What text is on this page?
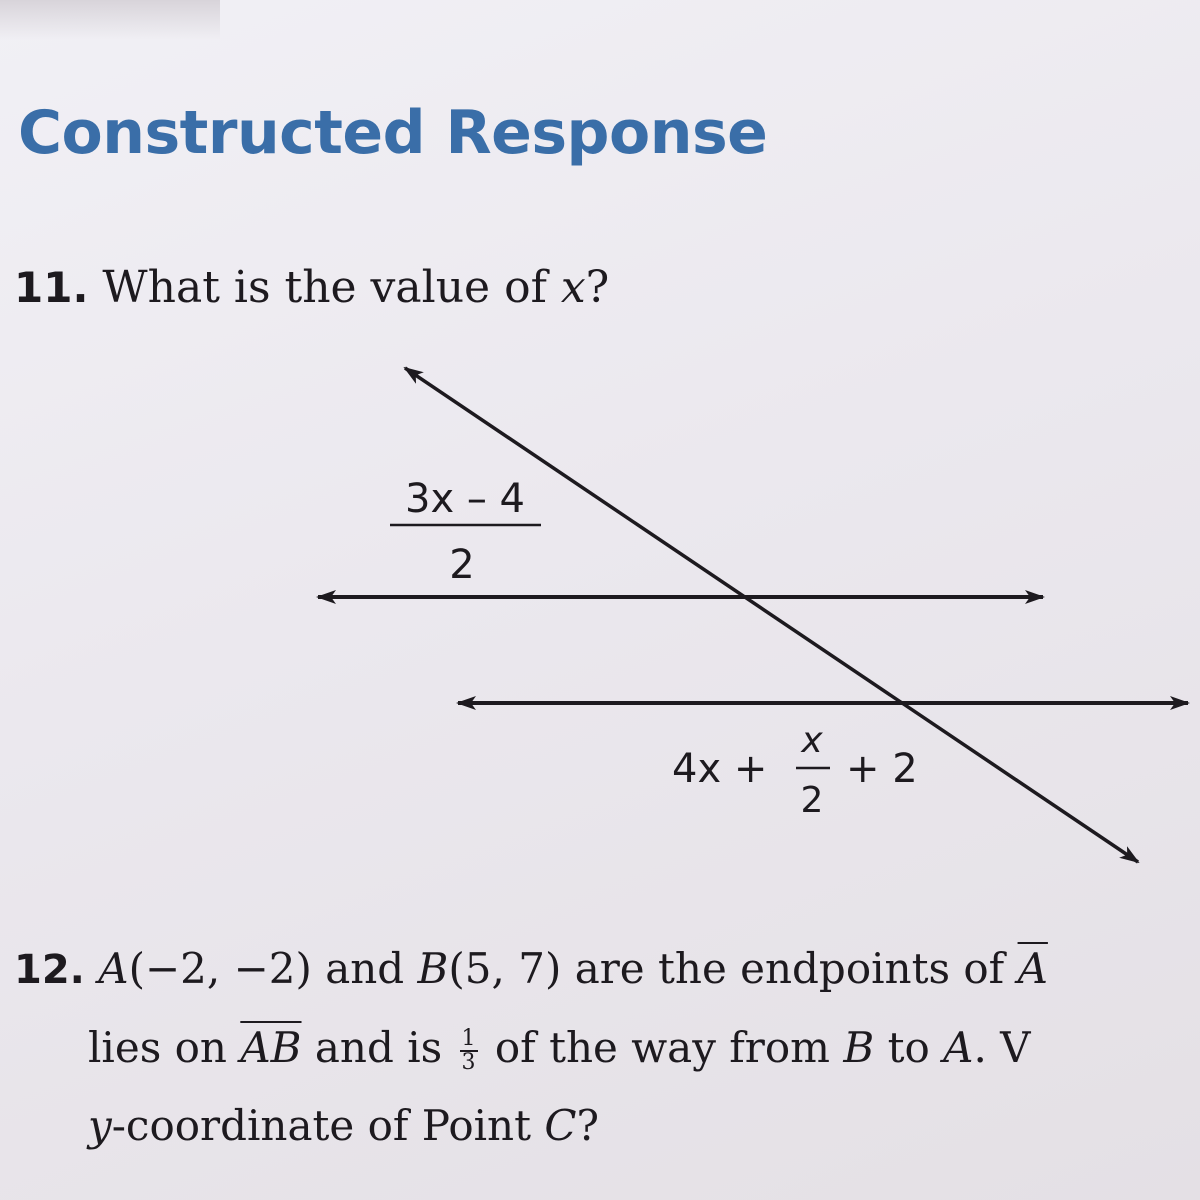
Constructed Response
11. What is the value of x?
3x – 4
2
4x +
x
2
+ 2
12. A(−2, −2) and B(5, 7) are the endpoints of $\overline{A}$
lies on $\overline{AB}$ and is $\frac{1}{3}$ of the way from B to A. V
y-coordinate of Point C?
